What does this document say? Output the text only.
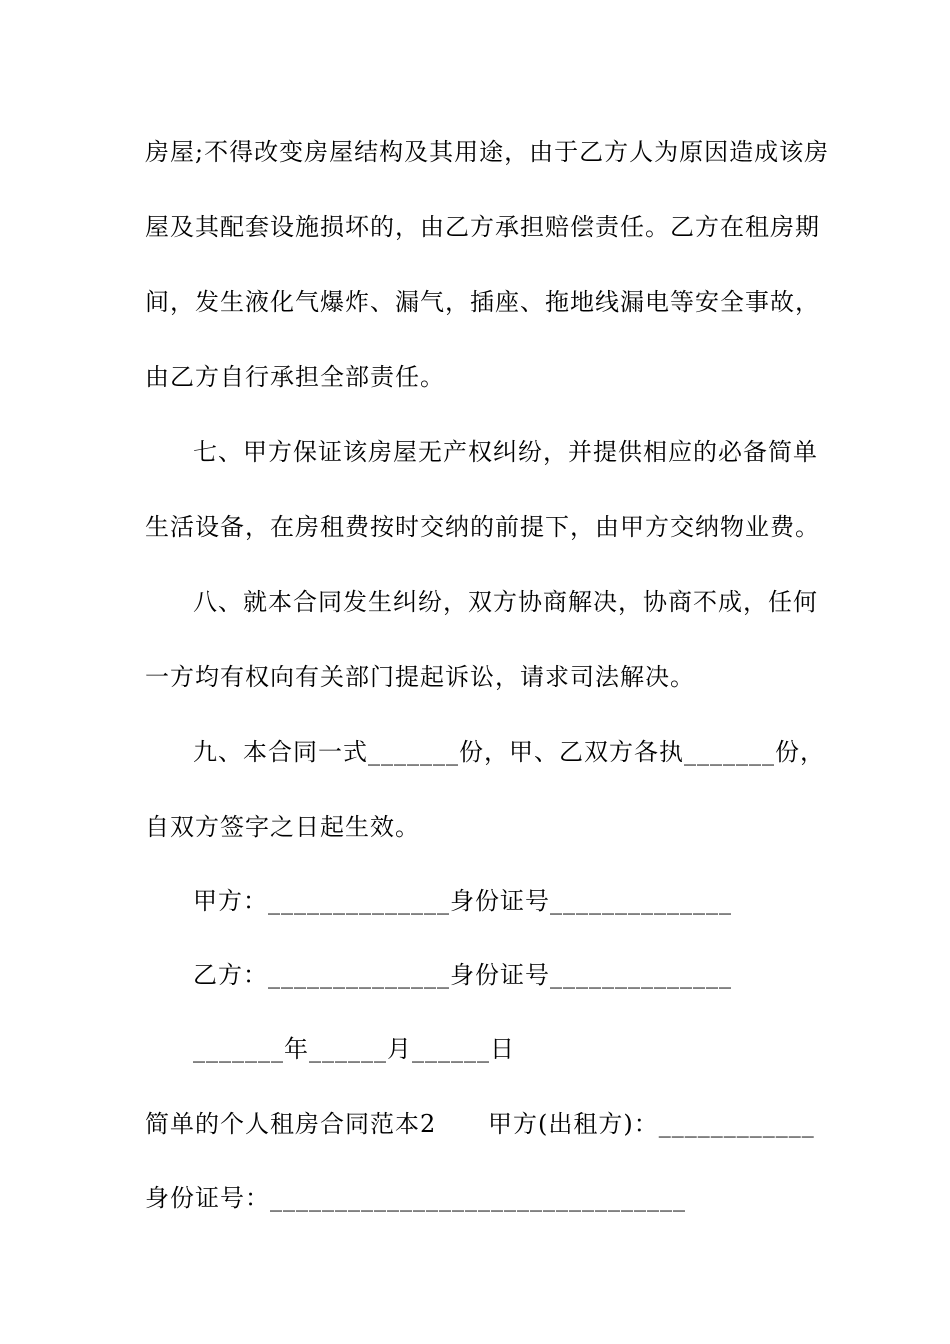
房屋;不得改变房屋结构及其用途，由于乙方人为原因造成该房
屋及其配套设施损坏的，由乙方承担赔偿责任。乙方在租房期
间，发生液化气爆炸、漏气，插座、拖地线漏电等安全事故，
由乙方自行承担全部责任。
七、甲方保证该房屋无产权纠纷，并提供相应的必备简单
生活设备，在房租费按时交纳的前提下，由甲方交纳物业费。
八、就本合同发生纠纷，双方协商解决，协商不成，任何
一方均有权向有关部门提起诉讼，请求司法解决。
九、本合同一式_______份，甲、乙双方各执_______份，
自双方签字之日起生效。
甲方：______________身份证号______________
乙方：______________身份证号______________
_______年______月______日
简单的个人租房合同范本2      甲方(出租方)：____________
身份证号：________________________________
